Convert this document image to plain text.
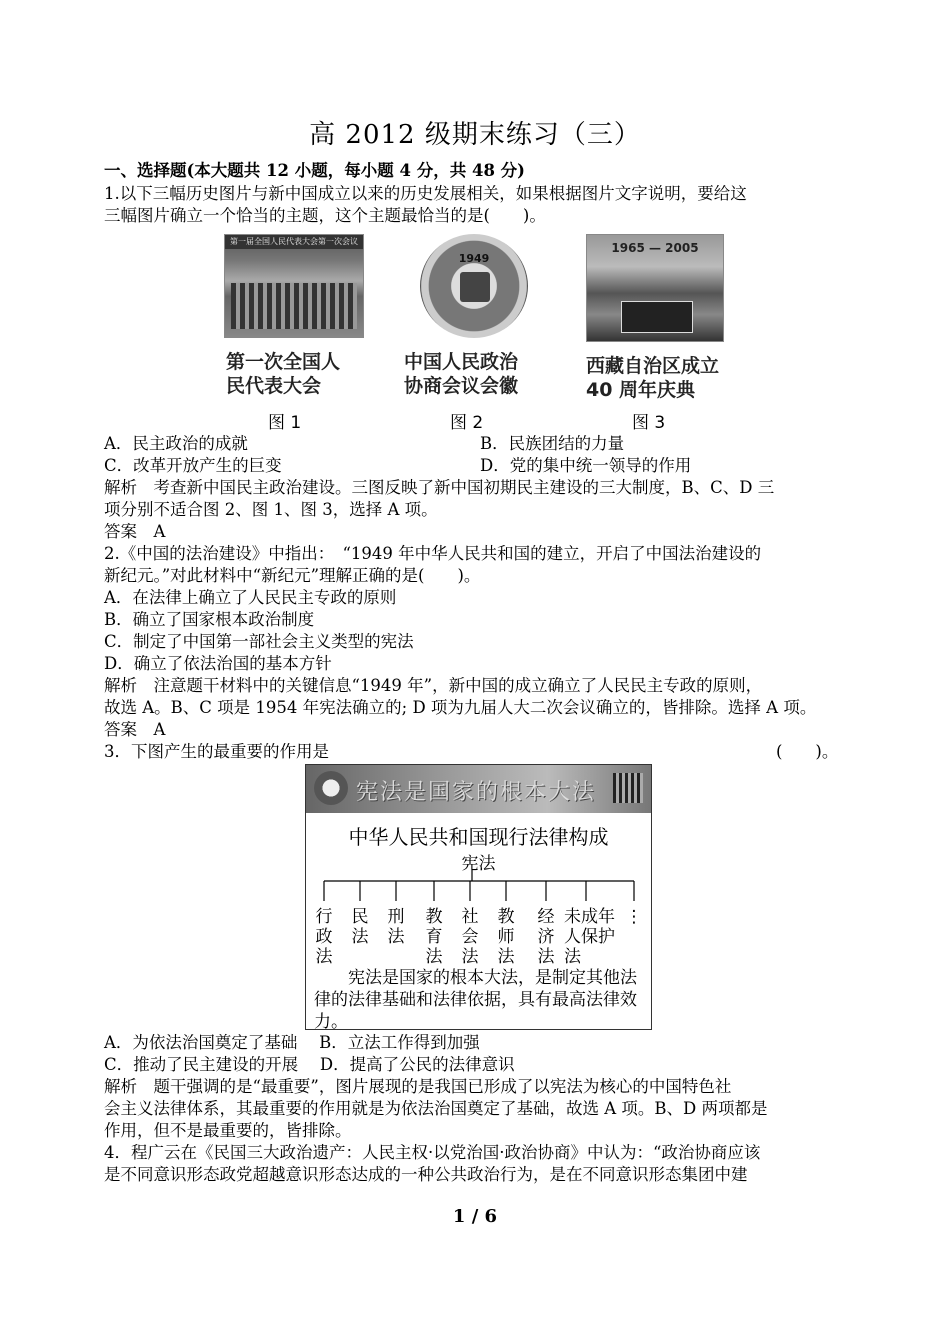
高 2012 级期末练习（三）
一、选择题(本大题共 12 小题，每小题 4 分，共 48 分)
1.以下三幅历史图片与新中国成立以来的历史发展相关，如果根据图片文字说明，要给这
三幅图片确立一个恰当的主题，这个主题最恰当的是(　　)。
第一届全国人民代表大会第一次会议
1949
1965 — 2005
第一次全国人
民代表大会
中国人民政治
协商会议会徽
西藏自治区成立
40 周年庆典
图 1	图 2	图 3
A．民主政治的成就	B．民族团结的力量
C．改革开放产生的巨变	D．党的集中统一领导的作用
解析　考查新中国民主政治建设。三图反映了新中国初期民主建设的三大制度，B、C、D 三
项分别不适合图 2、图 1、图 3，选择 A 项。
答案　A
2.《中国的法治建设》中指出：　“1949 年中华人民共和国的建立，开启了中国法治建设的
新纪元。”对此材料中“新纪元”理解正确的是(　　)。
A．在法律上确立了人民民主专政的原则
B．确立了国家根本政治制度
C．制定了中国第一部社会主义类型的宪法
D．确立了依法治国的基本方针
解析　注意题干材料中的关键信息“1949 年”，新中国的成立确立了人民民主专政的原则，
故选 A。B、C 项是 1954 年宪法确立的; D 项为九届人大二次会议确立的，皆排除。选择 A 项。
答案　A
3．下图产生的最重要的作用是	(　　)。
宪法是国家的根本大法
中华人民共和国现行法律构成
宪法
行政法
民法
刑法
教育法
社会法
教师法
经济法
未成年人保护法
⋮
宪法是国家的根本大法，是制定其他法律的法律基础和法律依据，具有最高法律效力。
A．为依法治国奠定了基础　 B．立法工作得到加强
C．推动了民主建设的开展　 D．提高了公民的法律意识
解析　题干强调的是“最重要”，图片展现的是我国已形成了以宪法为核心的中国特色社
会主义法律体系，其最重要的作用就是为依法治国奠定了基础，故选 A 项。B、D 两项都是
作用，但不是最重要的，皆排除。
4．程广云在《民国三大政治遗产：人民主权·以党治国·政治协商》中认为：“政治协商应该
是不同意识形态政党超越意识形态达成的一种公共政治行为，是在不同意识形态集团中建
1 / 6
